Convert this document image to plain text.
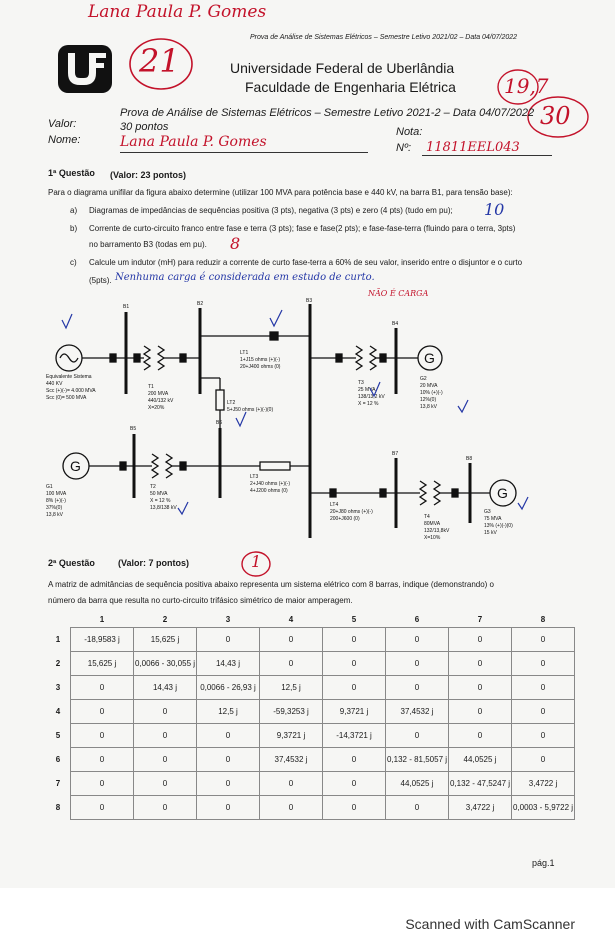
Lana Paula P. Gomes
Prova de Análise de Sistemas Elétricos – Semestre Letivo 2021/02 – Data 04/07/2022
21	Universidade Federal de Uberlândia
Faculdade de Engenharia Elétrica 19,7
30
Prova de Análise de Sistemas Elétricos – Semestre Letivo 2021-2 – Data 04/07/2022
Valor:	30 pontos
Nome:	Lana Paula P. Gomes
Nota:
Nº: 11811EEL043
1ª Questão (Valor: 23 pontos)
Para o diagrama unifilar da figura abaixo determine (utilizar 100 MVA para potência base e 440 kV, na barra B1, para tensão base):
a) Diagramas de impedâncias de sequências positiva (3 pts), negativa (3 pts) e zero (4 pts) (tudo em pu); 10
b) Corrente de curto-circuito franco entre fase e terra (3 pts); fase e fase(2 pts); e fase-fase-terra (fluindo para o terra, 3pts)
no barramento B3 (todas em pu). 8
c) Calcule um indutor (mH) para reduzir a corrente de curto fase-terra a 60% de seu valor, inserido entre o disjuntor e o curto
(5pts). Nenhuma carga é considerada em estudo de curto.
NÃO É CARGA
G
G
G
B1	B2	B3
B4
B5
B6
B7
B8
Equivalente Sistema
440 KV
Scc (+)(-)= 4.000 MVA
Scc (0)= 500 MVA
T1
200 MVA
440/132 kV
X=20%
LT1
1+J15 ohms (+)(-)
20+J400 ohms (0)
LT2
5+J50 ohms (+)(-)(0)
LT3
2+J40 ohms (+)(-)
4+J200 ohms (0)
LT4
20+J80 ohms (+)(-)
200+J600 (0)
T3
25 MVA
138/13,2 kV
X = 12 %
G2
20 MVA
10% (+)(-)
12%(0)
13,8 kV
G1
100 MVA
8% (+)(-)
37%(0)
13,8 kV
T2
50 MVA
X = 12 %
13,8/138 kV
T4
80MVA
132/13,8kV
X=10%
G3
75 MVA
13% (+)(-)(0)
15 kV
2ª Questão	(Valor: 7 pontos)	1
A matriz de admitâncias de sequência positiva abaixo representa um sistema elétrico com 8 barras, indique (demonstrando) o
número da barra que resulta no curto-circuito trifásico simétrico de maior amperagem.
	1	2	3	4	5	6	7	8
1	-18,9583 j	15,625 j	0	0	0	0	0	0
2	15,625 j	0,0066 - 30,055 j	14,43 j	0	0	0	0	0
3	0	14,43 j	0,0066 - 26,93 j	12,5 j	0	0	0	0
4	0	0	12,5 j	-59,3253 j	9,3721 j	37,4532 j	0	0
5	0	0	0	9,3721 j	-14,3721 j	0	0	0
6	0	0	0	37,4532 j	0	0,132 - 81,5057 j	44,0525 j	0
7	0	0	0	0	0	44,0525 j	0,132 - 47,5247 j	3,4722 j
8	0	0	0	0	0	0	3,4722 j	0,0003 - 5,9722 j
pág.1
Scanned with CamScanner
